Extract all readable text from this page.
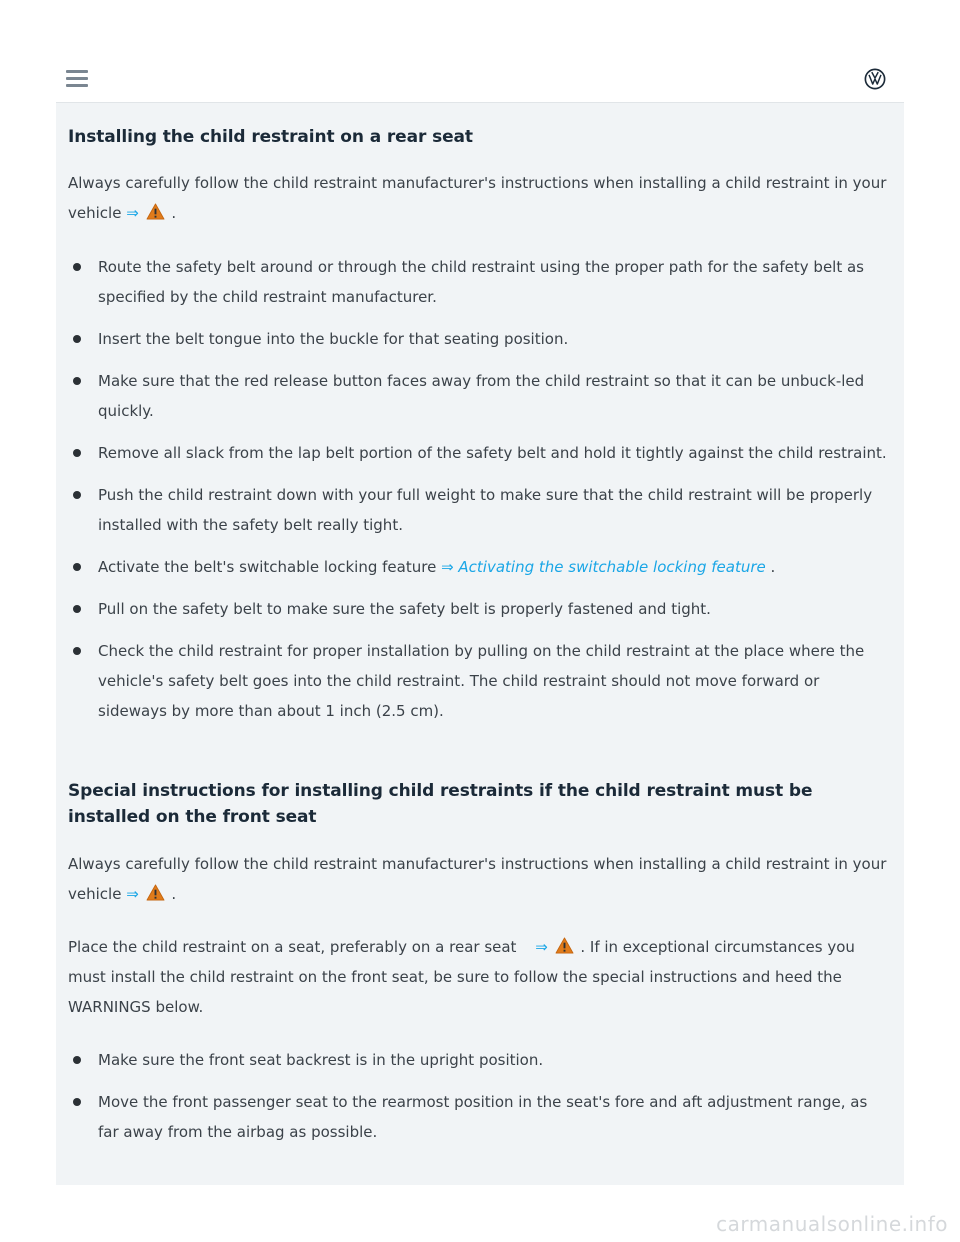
Installing the child restraint on a rear seat

Always carefully follow the child restraint manufacturer's instructions when installing a child restraint in your vehicle ⇒ .

Route the safety belt around or through the child restraint using the proper path for the safety belt as specified by the child restraint manufacturer.
Insert the belt tongue into the buckle for that seating position.
Make sure that the red release button faces away from the child restraint so that it can be unbuck-led quickly.
Remove all slack from the lap belt portion of the safety belt and hold it tightly against the child restraint.
Push the child restraint down with your full weight to make sure that the child restraint will be properly installed with the safety belt really tight.
Activate the belt's switchable locking feature ⇒ Activating the switchable locking feature .
Pull on the safety belt to make sure the safety belt is properly fastened and tight.
Check the child restraint for proper installation by pulling on the child restraint at the place where the vehicle's safety belt goes into the child restraint. The child restraint should not move forward or sideways by more than about 1 inch (2.5 cm).
Special instructions for installing child restraints if the child restraint must be installed on the front seat

Always carefully follow the child restraint manufacturer's instructions when installing a child restraint in your vehicle ⇒ .

Place the child restraint on a seat, preferably on a rear seat ⇒ . If in exceptional circumstances you must install the child restraint on the front seat, be sure to follow the special instructions and heed the WARNINGS below.

Make sure the front seat backrest is in the upright position.
Move the front passenger seat to the rearmost position in the seat's fore and aft adjustment range, as far away from the airbag as possible.
carmanualsonline.info
